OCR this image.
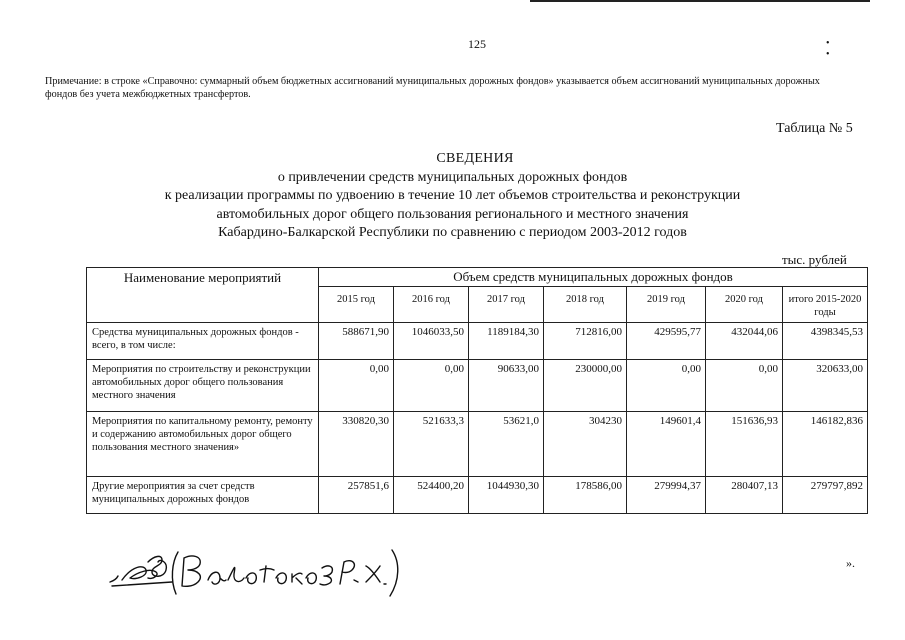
125	• •
Примечание: в строке «Справочно: суммарный объем бюджетных ассигнований муниципальных дорожных фондов» указывается объем ассигнований муниципальных дорожных фондов без учета межбюджетных трансфертов.
Таблица № 5
СВЕДЕНИЯ
о привлечении средств муниципальных дорожных фондов
к реализации программы по удвоению в течение 10 лет объемов строительства и реконструкции
автомобильных дорог общего пользования регионального и местного значения
Кабардино-Балкарской Республики по сравнению с периодом 2003-2012 годов
тыс. рублей
Наименование мероприятий	Объем средств муниципальных дорожных фондов						
	2015 год	2016 год	2017 год	2018 год	2019 год	2020 год	итого 2015-2020 годы
Средства муниципальных дорожных фондов - всего, в том числе:	588671,90	1046033,50	1189184,30	712816,00	429595,77	432044,06	4398345,53
Мероприятия по строительству и реконструкции автомобильных дорог общего пользования местного значения	0,00	0,00	90633,00	230000,00	0,00	0,00	320633,00
Мероприятия по капитальному ремонту, ремонту и содержанию автомобильных дорог общего пользования местного значения»	330820,30	521633,3	53621,0	304230	149601,4	151636,93	146182,836
Другие мероприятия за счет средств муниципальных дорожных фондов	257851,6	524400,20	1044930,30	178586,00	279994,37	280407,13	279797,892
».
